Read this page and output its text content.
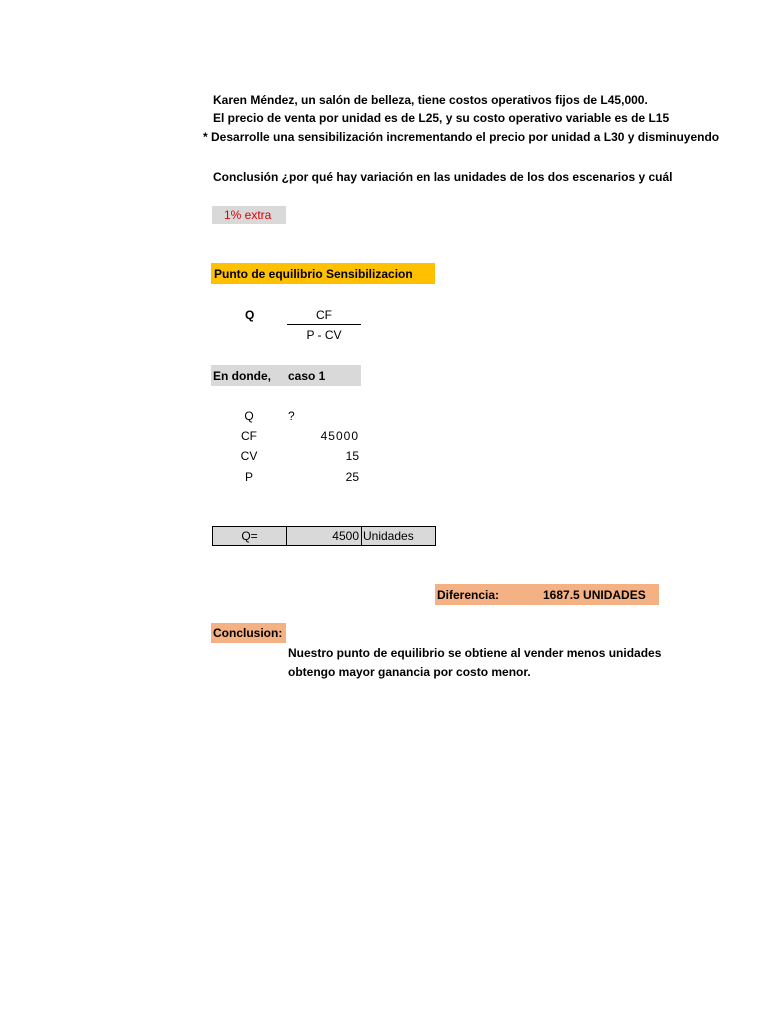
Karen Méndez, un salón de belleza, tiene costos operativos fijos de L45,000.
El precio de venta por unidad es de L25, y su costo operativo variable es de L15
* Desarrolle una sensibilización incrementando el precio por unidad a L30 y disminuyendo
Conclusión ¿por qué hay variación en las unidades de los dos escenarios y cuál
1% extra
Punto de equilibrio Sensibilizacion
Q	CF
P - CV
En donde, caso 1
Q	?
CF	45000
CV	15
P	25
Q=	4500 Unidades
Diferencia:	1687.5 UNIDADES
Conclusion:
Nuestro punto de equilibrio se obtiene al vender menos unidades
obtengo mayor ganancia por costo menor.
